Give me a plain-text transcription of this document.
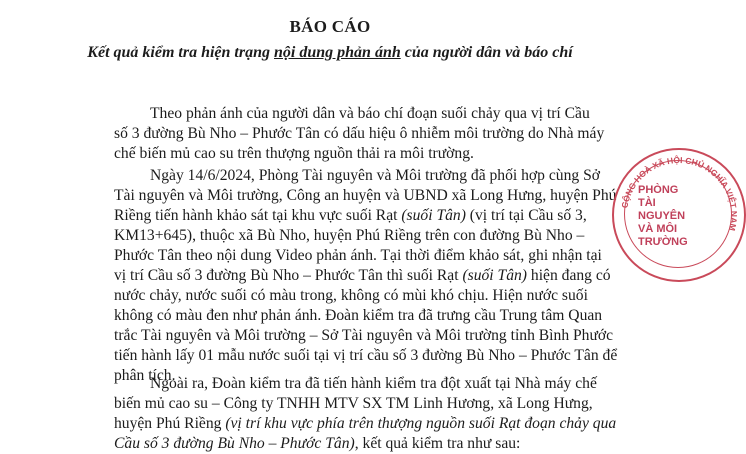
BÁO CÁO
Kết quả kiểm tra hiện trạng nội dung phản ánh của người dân và báo chí

Theo phản ánh của người dân và báo chí đoạn suối chảy qua vị trí Cầu
số 3 đường Bù Nho – Phước Tân có dấu hiệu ô nhiễm môi trường do Nhà máy
chế biến mủ cao su trên thượng nguồn thải ra môi trường.

Ngày 14/6/2024, Phòng Tài nguyên và Môi trường đã phối hợp cùng Sở
Tài nguyên và Môi trường, Công an huyện và UBND xã Long Hưng, huyện Phú
Riềng tiến hành khảo sát tại khu vực suối Rạt (suối Tân) (vị trí tại Cầu số 3,
KM13+645), thuộc xã Bù Nho, huyện Phú Riềng trên con đường Bù Nho –
Phước Tân theo nội dung Video phản ánh. Tại thời điểm khảo sát, ghi nhận tại
vị trí Cầu số 3 đường Bù Nho – Phước Tân thì suối Rạt (suối Tân) hiện đang có
nước chảy, nước suối có màu trong, không có mùi khó chịu. Hiện nước suối
không có màu đen như phản ánh. Đoàn kiểm tra đã trưng cầu Trung tâm Quan
trắc Tài nguyên và Môi trường – Sở Tài nguyên và Môi trường tỉnh Bình Phước
tiến hành lấy 01 mẫu nước suối tại vị trí cầu số 3 đường Bù Nho – Phước Tân để
phân tích.

Ngoài ra, Đoàn kiểm tra đã tiến hành kiểm tra đột xuất tại Nhà máy chế
biến mủ cao su – Công ty TNHH MTV SX TM Linh Hương, xã Long Hưng,
huyện Phú Riềng (vị trí khu vực phía trên thượng nguồn suối Rạt đoạn chảy qua
Cầu số 3 đường Bù Nho – Phước Tân), kết quả kiểm tra như sau:

CỘNG HOÀ XÃ HỘI CHỦ NGHĨA VIỆT NAM
PHÒNG
TÀI NGUYÊN
VÀ MÔI TRƯỜNG
